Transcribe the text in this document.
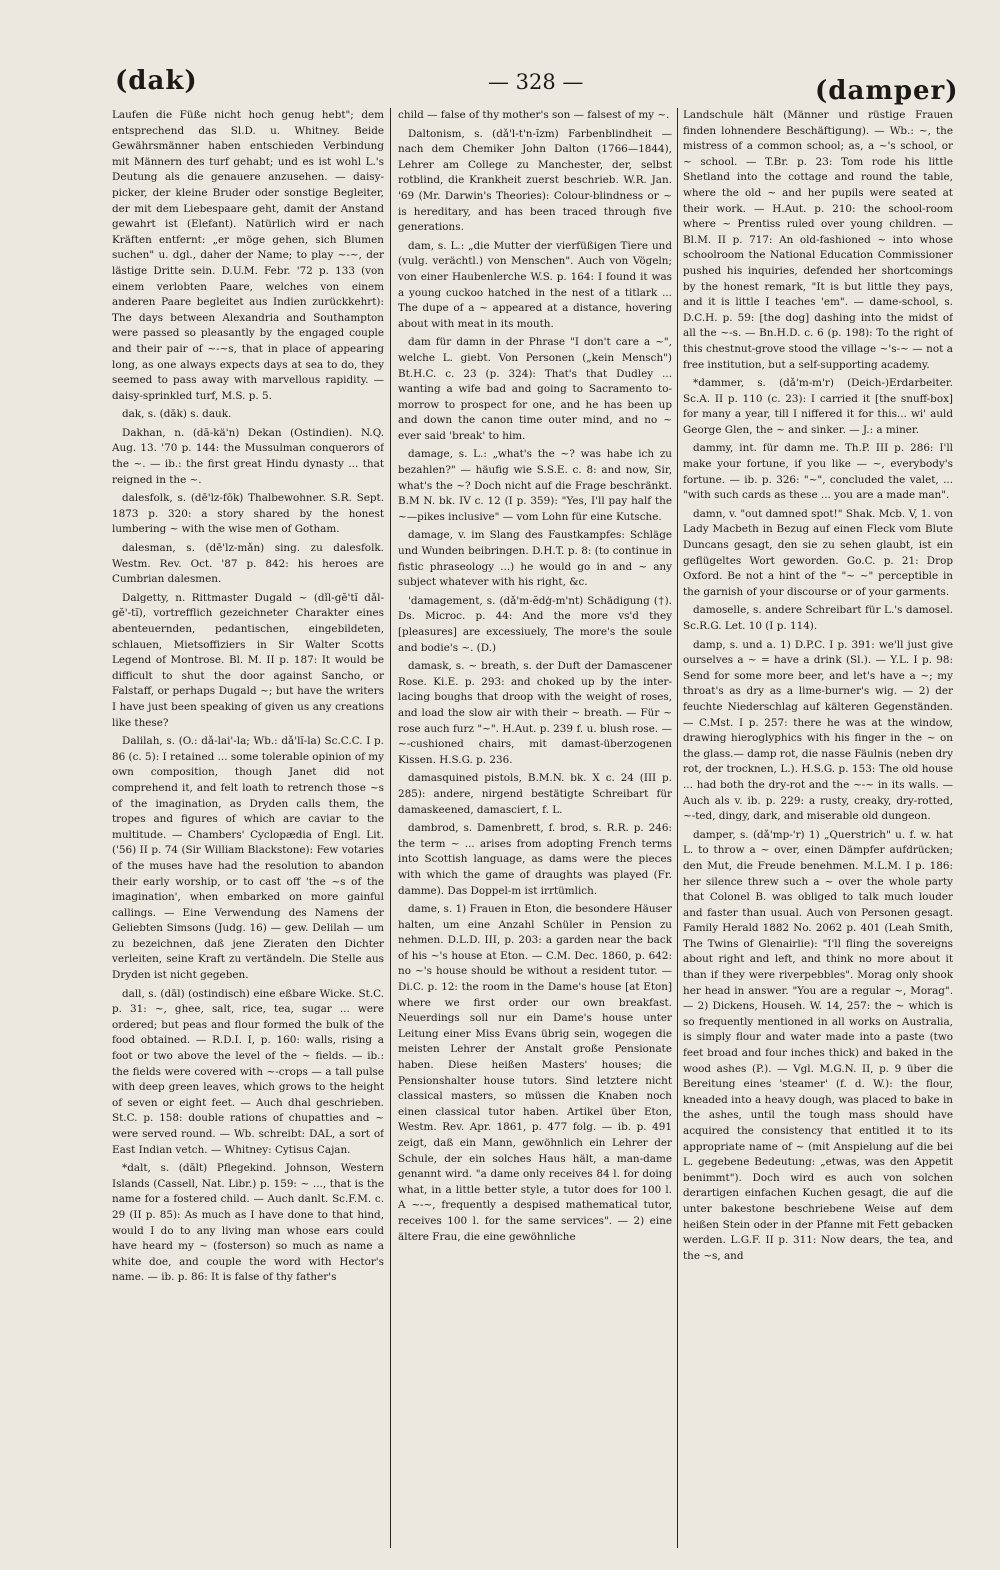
(dak)	— 328 —	(damper)

Laufen die Füße nicht hoch genug hebt"; dem entsprechend das Sl.D. u. Whitney. Beide Gewährsmänner haben entschieden Verbindung mit Männern des turf gehabt; und es ist wohl L.'s Deutung als die genauere anzusehen. — daisy-picker, der kleine Bruder oder sonstige Begleiter, der mit dem Liebespaare geht, damit der Anstand gewahrt ist (Elefant). Natürlich wird er nach Kräften entfernt: „er möge gehen, sich Blumen suchen" u. dgl., daher der Name; to play ~-~, der lästige Dritte sein. D.U.M. Febr. '72 p. 133 (von einem verlobten Paare, welches von einem anderen Paare begleitet aus Indien zurückkehrt): The days between Alexandria and Southampton were passed so pleasantly by the engaged couple and their pair of ~-~s, that in place of appearing long, as one always expects days at sea to do, they seemed to pass away with marvellous rapidity. — daisy-sprinkled turf, M.S. p. 5.

dak, s. (dāk) s. dauk.

Dakhan, n. (dā-kä'n) Dekan (Ostindien). N.Q. Aug. 13. '70 p. 144: the Mussulman conquerors of the ~. — ib.: the first great Hindu dynasty ... that reigned in the ~.

dalesfolk, s. (dē'lz-fōk) Thalbewohner. S.R. Sept. 1873 p. 320: a story shared by the honest lumbering ~ with the wise men of Gotham.

dalesman, s. (dē'lz-mǎn) sing. zu dalesfolk. Westm. Rev. Oct. '87 p. 842: his heroes are Cumbrian dalesmen.

Dalgetty, n. Rittmaster Dugald ~ (dǐl-gĕ'tĭ dǎl-gĕ'-tĭ), vortrefflich gezeichneter Charakter eines abenteuernden, pedantischen, eingebildeten, schlauen, Mietsoffiziers in Sir Walter Scotts Legend of Montrose. Bl. M. II p. 187: It would be difficult to shut the door against Sancho, or Falstaff, or perhaps Dugald ~; but have the writers I have just been speaking of given us any creations like these?

Dalilah, s. (O.: dǎ-lai'-la; Wb.: dǎ'lĭ-la) Sc.C.C. I p. 86 (c. 5): I retained ... some tolerable opinion of my own composition, though Janet did not comprehend it, and felt loath to retrench those ~s of the imagination, as Dryden calls them, the tropes and figures of which are caviar to the multitude. — Chambers' Cyclopædia of Engl. Lit. ('56) II p. 74 (Sir William Blackstone): Few votaries of the muses have had the resolution to abandon their early worship, or to cast off 'the ~s of the imagination', when embarked on more gainful callings. — Eine Verwendung des Namens der Geliebten Simsons (Judg. 16) — gew. Delilah — um zu bezeichnen, daß jene Zieraten den Dichter verleiten, seine Kraft zu vertändeln. Die Stelle aus Dryden ist nicht gegeben.

dall, s. (dāl) (ostindisch) eine eßbare Wicke. St.C. p. 31: ~, ghee, salt, rice, tea, sugar ... were ordered; but peas and flour formed the bulk of the food obtained. — R.D.I. I, p. 160: walls, rising a foot or two above the level of the ~ fields. — ib.: the fields were covered with ~-crops — a tall pulse with deep green leaves, which grows to the height of seven or eight feet. — Auch dhal geschrieben. St.C. p. 158: double rations of chupatties and ~ were served round. — Wb. schreibt: DAL, a sort of East Indian vetch. — Whitney: Cytisus Cajan.

*dalt, s. (dālt) Pflegekind. Johnson, Western Islands (Cassell, Nat. Libr.) p. 159: ~ ..., that is the name for a fostered child. — Auch danlt. Sc.F.M. c. 29 (II p. 85): As much as I have done to that hind, would I do to any living man whose ears could have heard my ~ (fosterson) so much as name a white doe, and couple the word with Hector's name. — ib. p. 86: It is false of thy father's

child — false of thy mother's son — falsest of my ~.

Daltonism, s. (dǎ'l-t'n-ĭzm) Farbenblindheit — nach dem Chemiker John Dalton (1766—1844), Lehrer am College zu Manchester, der, selbst rotblind, die Krankheit zuerst beschrieb. W.R. Jan. '69 (Mr. Darwin's Theories): Colour-blindness or ~ is hereditary, and has been traced through five generations.

dam, s. L.: „die Mutter der vierfüßigen Tiere und (vulg. verächtl.) von Menschen". Auch von Vögeln; von einer Haubenlerche W.S. p. 164: I found it was a young cuckoo hatched in the nest of a titlark ... The dupe of a ~ appeared at a distance, hovering about with meat in its mouth.

dam für damn in der Phrase "I don't care a ~", welche L. giebt. Von Personen („kein Mensch") Bt.H.C. c. 23 (p. 324): That's that Dudley ... wanting a wife bad and going to Sacramento to-morrow to prospect for one, and he has been up and down the canon time outer mind, and no ~ ever said 'break' to him.

damage, s. L.: „what's the ~? was habe ich zu bezahlen?" — häufig wie S.S.E. c. 8: and now, Sir, what's the ~? Doch nicht auf die Frage beschränkt. B.M N. bk. IV c. 12 (I p. 359): "Yes, I'll pay half the ~—pikes inclusive" — vom Lohn für eine Kutsche.

damage, v. im Slang des Faustkampfes: Schläge und Wunden beibringen. D.H.T. p. 8: (to continue in fistic phraseology ...) he would go in and ~ any subject whatever with his right, &c.

'damagement, s. (dǎ'm-ĕdġ-m'nt) Schädigung (†). Ds. Microc. p. 44: And the more vs'd they [pleasures] are excessiuely, The more's the soule and bodie's ~. (D.)

damask, s. ~ breath, s. der Duft der Damascener Rose. Ki.E. p. 293: and choked up by the inter-lacing boughs that droop with the weight of roses, and load the slow air with their ~ breath. — Für ~ rose auch furz "~". H.Aut. p. 239 f. u. blush rose. — ~-cushioned chairs, mit damast-überzogenen Kissen. H.S.G. p. 236.

damasquined pistols, B.M.N. bk. X c. 24 (III p. 285): andere, nirgend bestätigte Schreibart für damaskeened, damasciert, f. L.

dambrod, s. Damenbrett, f. brod, s. R.R. p. 246: the term ~ ... arises from adopting French terms into Scottish language, as dams were the pieces with which the game of draughts was played (Fr. damme). Das Doppel-m ist irrtümlich.

dame, s. 1) Frauen in Eton, die besondere Häuser halten, um eine Anzahl Schüler in Pension zu nehmen. D.L.D. III, p. 203: a garden near the back of his ~'s house at Eton. — C.M. Dec. 1860, p. 642: no ~'s house should be without a resident tutor. — Di.C. p. 12: the room in the Dame's house [at Eton] where we first order our own breakfast. Neuerdings soll nur ein Dame's house unter Leitung einer Miss Evans übrig sein, wogegen die meisten Lehrer der Anstalt große Pensionate haben. Diese heißen Masters' houses; die Pensionshalter house tutors. Sind letztere nicht classical masters, so müssen die Knaben noch einen classical tutor haben. Artikel über Eton, Westm. Rev. Apr. 1861, p. 477 folg. — ib. p. 491 zeigt, daß ein Mann, gewöhnlich ein Lehrer der Schule, der ein solches Haus hält, a man-dame genannt wird. "a dame only receives 84 l. for doing what, in a little better style, a tutor does for 100 l. A ~-~, frequently a despised mathematical tutor, receives 100 l. for the same services". — 2) eine ältere Frau, die eine gewöhnliche

Landschule hält (Männer und rüstige Frauen finden lohnendere Beschäftigung). — Wb.: ~, the mistress of a common school; as, a ~'s school, or ~ school. — T.Br. p. 23: Tom rode his little Shetland into the cottage and round the table, where the old ~ and her pupils were seated at their work. — H.Aut. p. 210: the school-room where ~ Prentiss ruled over young children. — Bl.M. II p. 717: An old-fashioned ~ into whose schoolroom the National Education Commissioner pushed his inquiries, defended her shortcomings by the honest remark, "It is but little they pays, and it is little I teaches 'em". — dame-school, s. D.C.H. p. 59: [the dog] dashing into the midst of all the ~-s. — Bn.H.D. c. 6 (p. 198): To the right of this chestnut-grove stood the village ~'s-~ — not a free institution, but a self-supporting academy.

*dammer, s. (dǎ'm-m'r) (Deich-)Erdarbeiter. Sc.A. II p. 110 (c. 23): I carried it [the snuff-box] for many a year, till I niffered it for this... wi' auld George Glen, the ~ and sinker. — J.: a miner.

dammy, int. für damn me. Th.P. III p. 286: I'll make your fortune, if you like — ~, everybody's fortune. — ib. p. 326: "~", concluded the valet, ... "with such cards as these ... you are a made man".

damn, v. "out damned spot!" Shak. Mcb. V, 1. von Lady Macbeth in Bezug auf einen Fleck vom Blute Duncans gesagt, den sie zu sehen glaubt, ist ein geflügeltes Wort geworden. Go.C. p. 21: Drop Oxford. Be not a hint of the "~ ~" perceptible in the garnish of your discourse or of your garments.

damoselle, s. andere Schreibart für L.'s damosel. Sc.R.G. Let. 10 (I p. 114).

damp, s. und a. 1) D.P.C. I p. 391: we'll just give ourselves a ~ = have a drink (Sl.). — Y.L. I p. 98: Send for some more beer, and let's have a ~; my throat's as dry as a lime-burner's wig. — 2) der feuchte Niederschlag auf kälteren Gegenständen. — C.Mst. I p. 257: there he was at the window, drawing hieroglyphics with his finger in the ~ on the glass.— damp rot, die nasse Fäulnis (neben dry rot, der trocknen, L.). H.S.G. p. 153: The old house ... had both the dry-rot and the ~-~ in its walls. — Auch als v. ib. p. 229: a rusty, creaky, dry-rotted, ~-ted, dingy, dark, and miserable old dungeon.

damper, s. (dǎ'mp-'r) 1) „Querstrich" u. f. w. hat L. to throw a ~ over, einen Dämpfer aufdrücken; den Mut, die Freude benehmen. M.L.M. I p. 186: her silence threw such a ~ over the whole party that Colonel B. was obliged to talk much louder and faster than usual. Auch von Personen gesagt. Family Herald 1882 No. 2062 p. 401 (Leah Smith, The Twins of Glenairlie): "I'll fling the sovereigns about right and left, and think no more about it than if they were riverpebbles". Morag only shook her head in answer. "You are a regular ~, Morag". — 2) Dickens, Househ. W. 14, 257: the ~ which is so frequently mentioned in all works on Australia, is simply flour and water made into a paste (two feet broad and four inches thick) and baked in the wood ashes (P.). — Vgl. M.G.N. II, p. 9 über die Bereitung eines 'steamer' (f. d. W.): the flour, kneaded into a heavy dough, was placed to bake in the ashes, until the tough mass should have acquired the consistency that entitled it to its appropriate name of ~ (mit Anspielung auf die bei L. gegebene Bedeutung: „etwas, was den Appetit benimmt"). Doch wird es auch von solchen derartigen einfachen Kuchen gesagt, die auf die unter bakestone beschriebene Weise auf dem heißen Stein oder in der Pfanne mit Fett gebacken werden. L.G.F. II p. 311: Now dears, the tea, and the ~s, and
